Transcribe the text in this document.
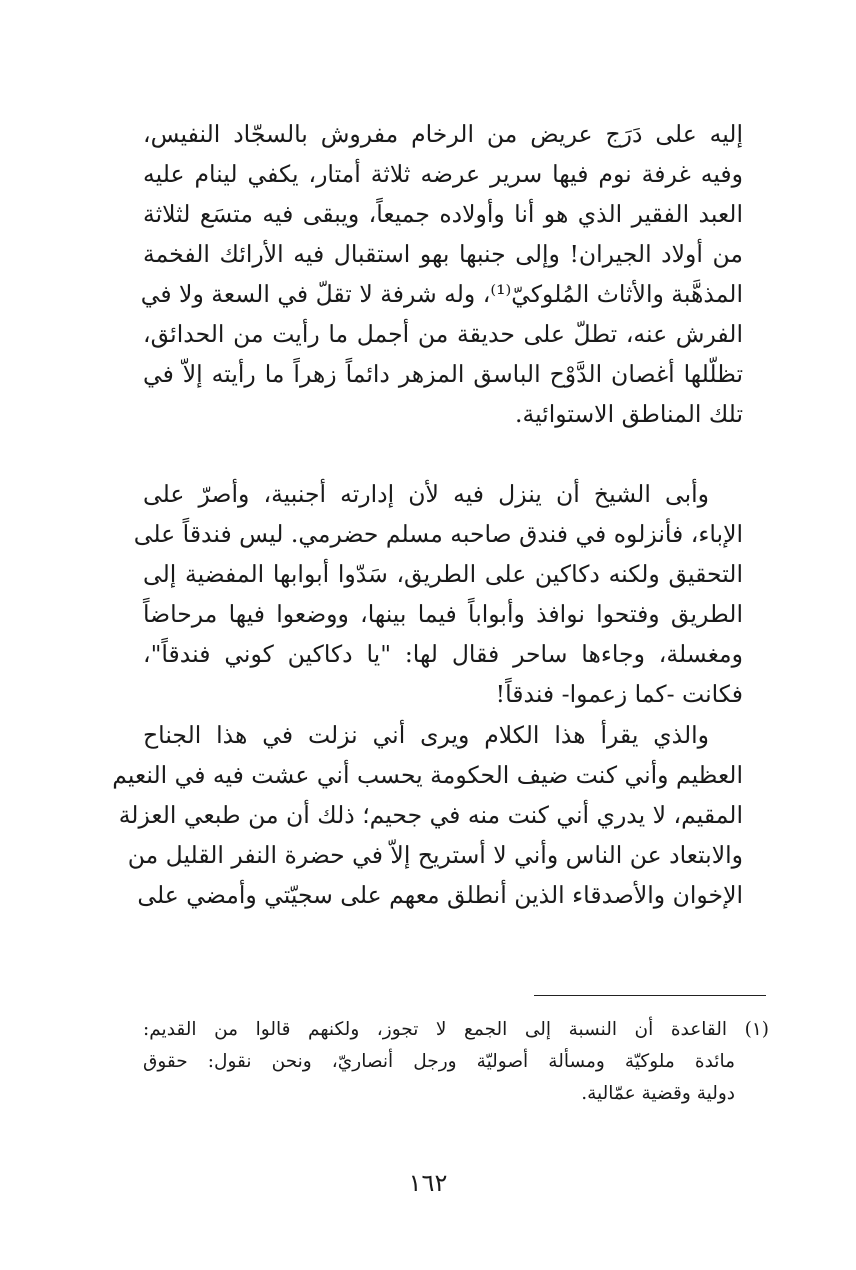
إليه على دَرَج عريض من الرخام مفروش بالسجّاد النفيس،
وفيه غرفة نوم فيها سرير عرضه ثلاثة أمتار، يكفي لينام عليه
العبد الفقير الذي هو أنا وأولاده جميعاً، ويبقى فيه متسَع لثلاثة
من أولاد الجيران! وإلى جنبها بهو استقبال فيه الأرائك الفخمة
المذهَّبة والأثاث المُلوكيّ⁽¹⁾، وله شرفة لا تقلّ في السعة ولا في
الفرش عنه، تطلّ على حديقة من أجمل ما رأيت من الحدائق،
تظلّلها أغصان الدَّوْح الباسق المزهر دائماً زهراً ما رأيته إلاّ في
تلك المناطق الاستوائية.
وأبى الشيخ أن ينزل فيه لأن إدارته أجنبية، وأصرّ على
الإباء، فأنزلوه في فندق صاحبه مسلم حضرمي. ليس فندقاً على
التحقيق ولكنه دكاكين على الطريق، سَدّوا أبوابها المفضية إلى
الطريق وفتحوا نوافذ وأبواباً فيما بينها، ووضعوا فيها مرحاضاً
ومغسلة، وجاءها ساحر فقال لها: "يا دكاكين كوني فندقاً"،
فكانت -كما زعموا- فندقاً!
والذي يقرأ هذا الكلام ويرى أني نزلت في هذا الجناح
العظيم وأني كنت ضيف الحكومة يحسب أني عشت فيه في النعيم
المقيم، لا يدري أني كنت منه في جحيم؛ ذلك أن من طبعي العزلة
والابتعاد عن الناس وأني لا أستريح إلاّ في حضرة النفر القليل من
الإخوان والأصدقاء الذين أنطلق معهم على سجيّتي وأمضي على
(١) القاعدة أن النسبة إلى الجمع لا تجوز، ولكنهم قالوا من القديم:
مائدة ملوكيّة ومسألة أصوليّة ورجل أنصاريّ، ونحن نقول: حقوق
دولية وقضية عمّالية.
١٦٢
